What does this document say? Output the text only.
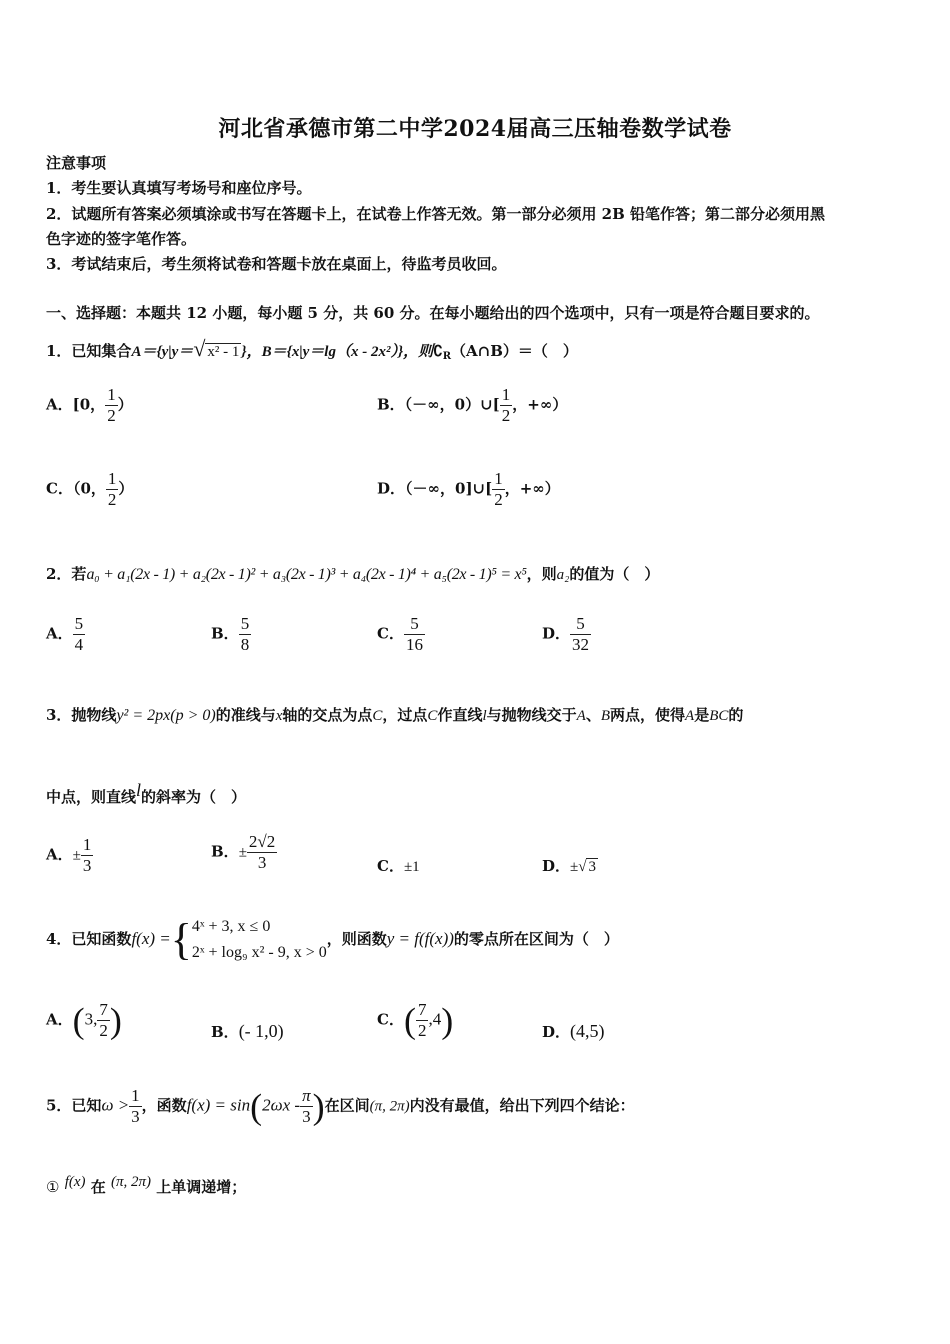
河北省承德市第二中学2024届高三压轴卷数学试卷
注意事项
1．考生要认真填写考场号和座位序号。
2．试题所有答案必须填涂或书写在答题卡上，在试卷上作答无效。第一部分必须用 2B 铅笔作答；第二部分必须用黑
色字迹的签字笔作答。
3．考试结束后，考生须将试卷和答题卡放在桌面上，待监考员收回。
一、选择题：本题共 12 小题，每小题 5 分，共 60 分。在每小题给出的四个选项中，只有一项是符合题目要求的。
1．已知集合A＝{y|y＝√ x² - 1 }，B＝{x|y＝lg（x - 2x²）}，则$∁_R(A\cap B)=$（　）
A．[0， $\frac{1}{2}$ ）	B．（－∞，0）∪[ $\frac{1}{2}$ ，+∞）
C．（0， $\frac{1}{2}$ ）	D．（－∞，0]∪[ $\frac{1}{2}$ ，+∞）
2．若a₀ + a₁(2x - 1) + a₂(2x - 1)² + a₃(2x - 1)³ + a₄(2x - 1)⁴ + a₅(2x - 1)⁵ = x⁵，则a₂的值为（　）
A． $\frac{5}{4}$	B． $\frac{5}{8}$	C． $\frac{5}{16}$	D． $\frac{5}{32}$
3．抛物线y² = 2px(p > 0)的准线与x轴的交点为点C，过点C作直线l与抛物线交于A、B两点，使得A是BC的
中点，则直线l的斜率为（　）
A．± $\frac{1}{3}$	B．± $\frac{2√2}{3}$	C．±1	D．±√ 3
4．已知函数f(x) ={ 4ˣ + 3, x ≤ 0
2ˣ + log₉ x² - 9, x > 0
，则函数y = f(f(x))的零点所在区间为（　）
A．(3, $\frac{7}{2}$ )	B．(- 1,0)
C．( $\frac{7}{2} ,4$)	D．(4,5)
5．已知$\omega > \frac{1}{3}$ ，函数$f(x) = \sin(2\omega x - \frac{\pi}{3}$ )在区间(π, 2π)内没有最值，给出下列四个结论：
① f(x) 在 (π, 2π) 上单调递增；
